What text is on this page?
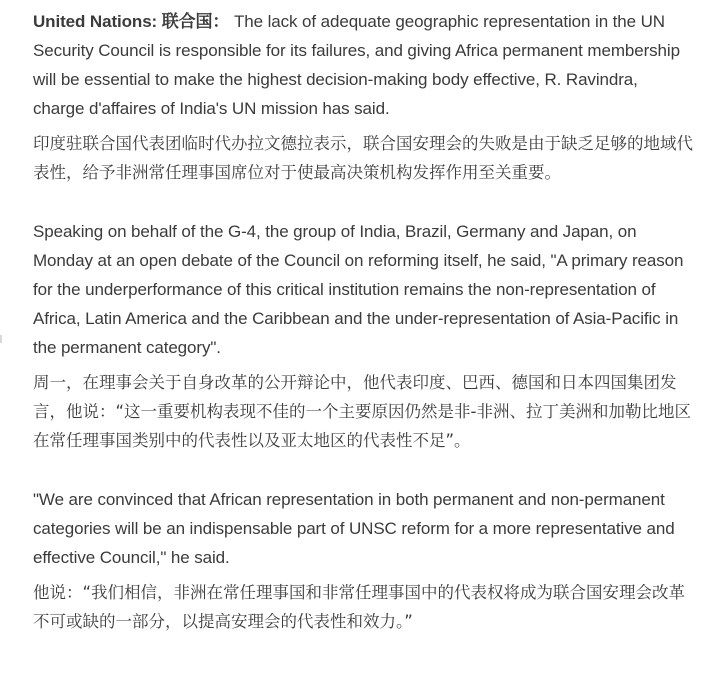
United Nations: 联合国： The lack of adequate geographic representation in the UN Security Council is responsible for its failures, and giving Africa permanent membership will be essential to make the highest decision-making body effective, R. Ravindra, charge d'affaires of India's UN mission has said.

印度驻联合国代表团临时代办拉文德拉表示，联合国安理会的失败是由于缺乏足够的地域代表性，给予非洲常任理事国席位对于使最高决策机构发挥作用至关重要。

Speaking on behalf of the G-4, the group of India, Brazil, Germany and Japan, on Monday at an open debate of the Council on reforming itself, he said, "A primary reason for the underperformance of this critical institution remains the non-representation of Africa, Latin America and the Caribbean and the under-representation of Asia-Pacific in the permanent category".

周一，在理事会关于自身改革的公开辩论中，他代表印度、巴西、德国和日本四国集团发言，他说：“这一重要机构表现不佳的一个主要原因仍然是非-非洲、拉丁美洲和加勒比地区在常任理事国类别中的代表性以及亚太地区的代表性不足”。

"We are convinced that African representation in both permanent and non-permanent categories will be an indispensable part of UNSC reform for a more representative and effective Council," he said.

他说：“我们相信，非洲在常任理事国和非常任理事国中的代表权将成为联合国安理会改革不可或缺的一部分，以提高安理会的代表性和效力。”
